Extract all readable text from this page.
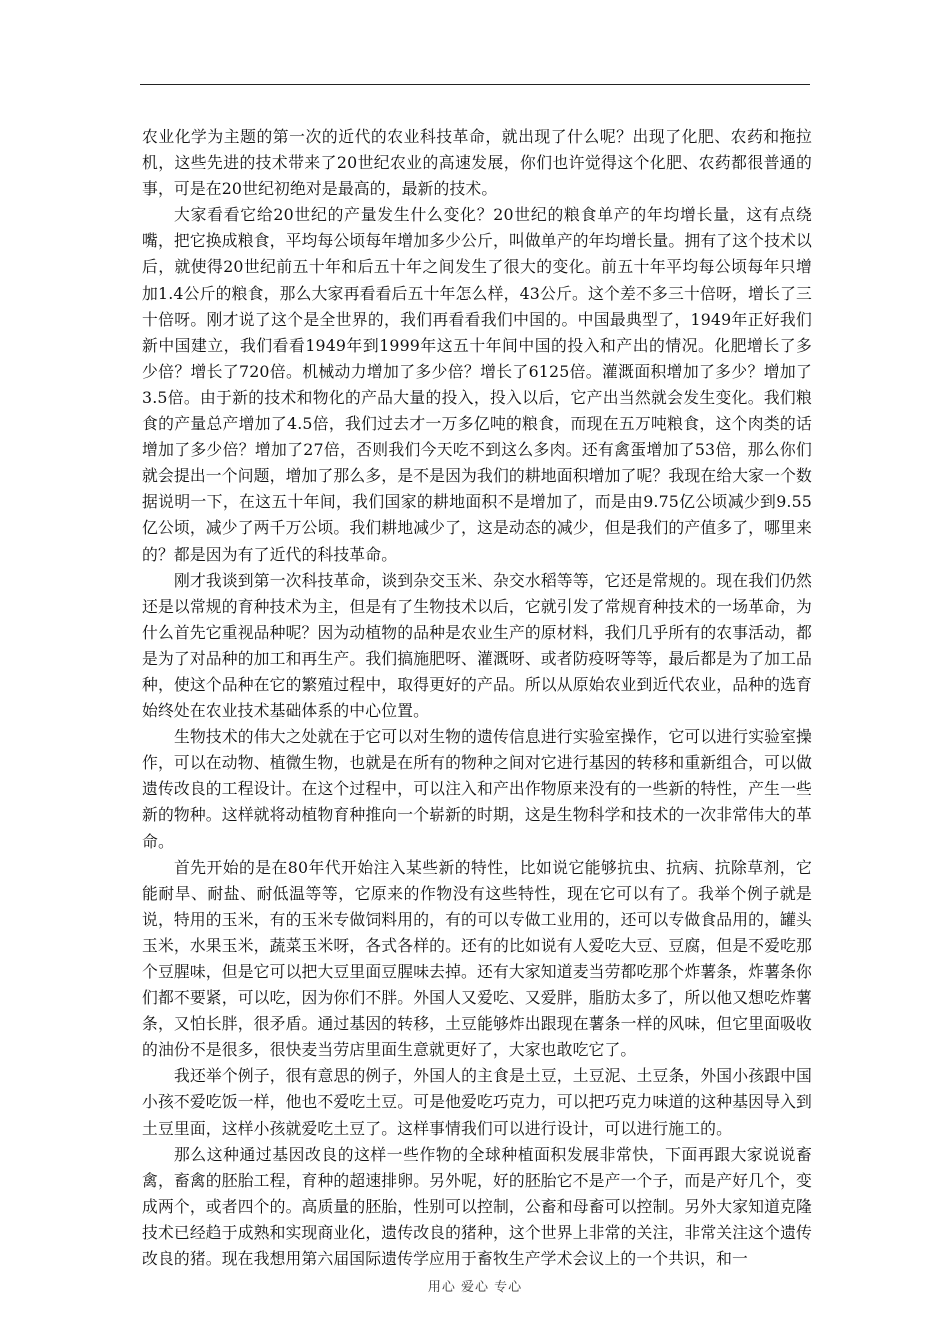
农业化学为主题的第一次的近代的农业科技革命，就出现了什么呢？出现了化肥、农药和拖拉机，这些先进的技术带来了20世纪农业的高速发展，你们也许觉得这个化肥、农药都很普通的事，可是在20世纪初绝对是最高的，最新的技术。

大家看看它给20世纪的产量发生什么变化？20世纪的粮食单产的年均增长量，这有点绕嘴，把它换成粮食，平均每公顷每年增加多少公斤，叫做单产的年均增长量。拥有了这个技术以后，就使得20世纪前五十年和后五十年之间发生了很大的变化。前五十年平均每公顷每年只增加1.4公斤的粮食，那么大家再看看后五十年怎么样，43公斤。这个差不多三十倍呀，增长了三十倍呀。刚才说了这个是全世界的，我们再看看我们中国的。中国最典型了，1949年正好我们新中国建立，我们看看1949年到1999年这五十年间中国的投入和产出的情况。化肥增长了多少倍？增长了720倍。机械动力增加了多少倍？增长了6125倍。灌溉面积增加了多少？增加了3.5倍。由于新的技术和物化的产品大量的投入，投入以后，它产出当然就会发生变化。我们粮食的产量总产增加了4.5倍，我们过去才一万多亿吨的粮食，而现在五万吨粮食，这个肉类的话增加了多少倍？增加了27倍，否则我们今天吃不到这么多肉。还有禽蛋增加了53倍，那么你们就会提出一个问题，增加了那么多，是不是因为我们的耕地面积增加了呢？我现在给大家一个数据说明一下，在这五十年间，我们国家的耕地面积不是增加了，而是由9.75亿公顷减少到9.55亿公顷，减少了两千万公顷。我们耕地减少了，这是动态的减少，但是我们的产值多了，哪里来的？都是因为有了近代的科技革命。

刚才我谈到第一次科技革命，谈到杂交玉米、杂交水稻等等，它还是常规的。现在我们仍然还是以常规的育种技术为主，但是有了生物技术以后，它就引发了常规育种技术的一场革命，为什么首先它重视品种呢？因为动植物的品种是农业生产的原材料，我们几乎所有的农事活动，都是为了对品种的加工和再生产。我们搞施肥呀、灌溉呀、或者防疫呀等等，最后都是为了加工品种，使这个品种在它的繁殖过程中，取得更好的产品。所以从原始农业到近代农业，品种的选育始终处在农业技术基础体系的中心位置。

生物技术的伟大之处就在于它可以对生物的遗传信息进行实验室操作，它可以进行实验室操作，可以在动物、植微生物，也就是在所有的物种之间对它进行基因的转移和重新组合，可以做遗传改良的工程设计。在这个过程中，可以注入和产出作物原来没有的一些新的特性，产生一些新的物种。这样就将动植物育种推向一个崭新的时期，这是生物科学和技术的一次非常伟大的革命。

首先开始的是在80年代开始注入某些新的特性，比如说它能够抗虫、抗病、抗除草剂，它能耐旱、耐盐、耐低温等等，它原来的作物没有这些特性，现在它可以有了。我举个例子就是说，特用的玉米，有的玉米专做饲料用的，有的可以专做工业用的，还可以专做食品用的，罐头玉米，水果玉米，蔬菜玉米呀，各式各样的。还有的比如说有人爱吃大豆、豆腐，但是不爱吃那个豆腥味，但是它可以把大豆里面豆腥味去掉。还有大家知道麦当劳都吃那个炸薯条，炸薯条你们都不要紧，可以吃，因为你们不胖。外国人又爱吃、又爱胖，脂肪太多了，所以他又想吃炸薯条，又怕长胖，很矛盾。通过基因的转移，土豆能够炸出跟现在薯条一样的风味，但它里面吸收的油份不是很多，很快麦当劳店里面生意就更好了，大家也敢吃它了。

我还举个例子，很有意思的例子，外国人的主食是土豆，土豆泥、土豆条，外国小孩跟中国小孩不爱吃饭一样，他也不爱吃土豆。可是他爱吃巧克力，可以把巧克力味道的这种基因导入到土豆里面，这样小孩就爱吃土豆了。这样事情我们可以进行设计，可以进行施工的。

那么这种通过基因改良的这样一些作物的全球种植面积发展非常快，下面再跟大家说说畜禽，畜禽的胚胎工程，育种的超速排卵。另外呢，好的胚胎它不是产一个子，而是产好几个，变成两个，或者四个的。高质量的胚胎，性别可以控制，公畜和母畜可以控制。另外大家知道克隆技术已经趋于成熟和实现商业化，遗传改良的猪种，这个世界上非常的关注，非常关注这个遗传改良的猪。现在我想用第六届国际遗传学应用于畜牧生产学术会议上的一个共识，和一

用心 爱心 专心
